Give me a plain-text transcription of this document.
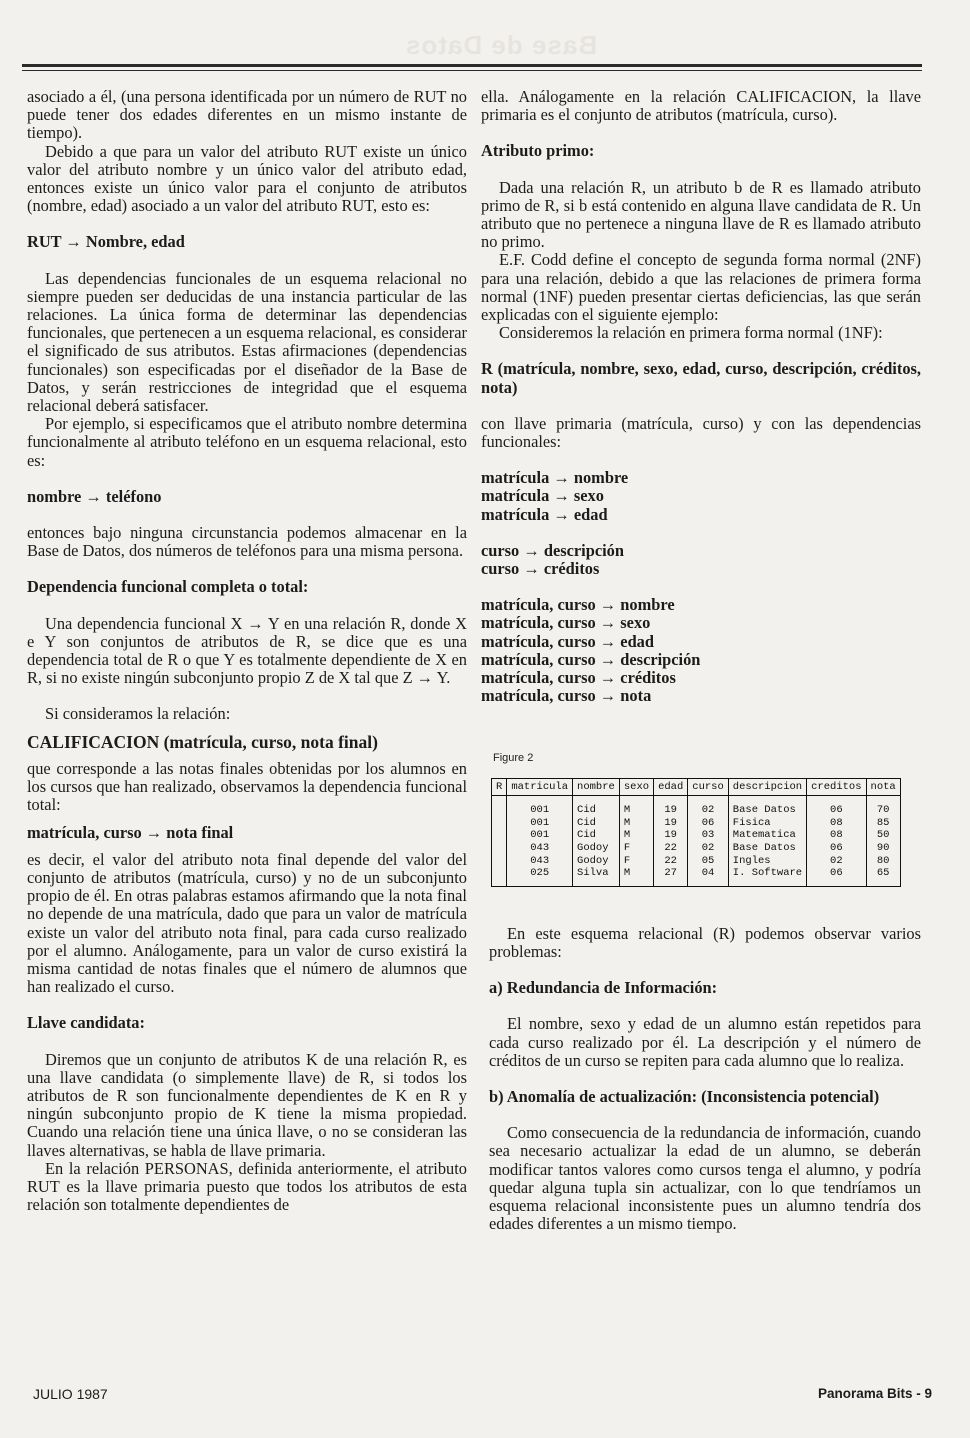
Base de Datos

asociado a él, (una persona identificada por un número de RUT no puede tener dos edades diferentes en un mismo instante de tiempo).

Debido a que para un valor del atributo RUT existe un único valor del atributo nombre y un único valor del atributo edad, entonces existe un único valor para el conjunto de atributos (nombre, edad) asociado a un valor del atributo RUT, esto es:

RUT → Nombre, edad

Las dependencias funcionales de un esquema relacional no siempre pueden ser deducidas de una instancia particular de las relaciones. La única forma de determinar las dependencias funcionales, que pertenecen a un esquema relacional, es considerar el significado de sus atributos. Estas afirmaciones (dependencias funcionales) son especificadas por el diseñador de la Base de Datos, y serán restricciones de integridad que el esquema relacional deberá satisfacer.

Por ejemplo, si especificamos que el atributo nombre determina funcionalmente al atributo teléfono en un esquema relacional, esto es:

nombre → teléfono

entonces bajo ninguna circunstancia podemos almacenar en la Base de Datos, dos números de teléfonos para una misma persona.

Dependencia funcional completa o total:

Una dependencia funcional X → Y en una relación R, donde X e Y son conjuntos de atributos de R, se dice que es una dependencia total de R o que Y es totalmente dependiente de X en R, si no existe ningún subconjunto propio Z de X tal que Z → Y.

Si consideramos la relación:

CALIFICACION (matrícula, curso, nota final)

que corresponde a las notas finales obtenidas por los alumnos en los cursos que han realizado, observamos la dependencia funcional total:

matrícula, curso → nota final

es decir, el valor del atributo nota final depende del valor del conjunto de atributos (matrícula, curso) y no de un subconjunto propio de él. En otras palabras estamos afirmando que la nota final no depende de una matrícula, dado que para un valor de matrícula existe un valor del atributo nota final, para cada curso realizado por el alumno. Análogamente, para un valor de curso existirá la misma cantidad de notas finales que el número de alumnos que han realizado el curso.

Llave candidata:

Diremos que un conjunto de atributos K de una relación R, es una llave candidata (o simplemente llave) de R, si todos los atributos de R son funcionalmente dependientes de K en R y ningún subconjunto propio de K tiene la misma propiedad. Cuando una relación tiene una única llave, o no se consideran las llaves alternativas, se habla de llave primaria.

En la relación PERSONAS, definida anteriormente, el atributo RUT es la llave primaria puesto que todos los atributos de esta relación son totalmente dependientes de

ella. Análogamente en la relación CALIFICACION, la llave primaria es el conjunto de atributos (matrícula, curso).

Atributo primo:

Dada una relación R, un atributo b de R es llamado atributo primo de R, si b está contenido en alguna llave candidata de R. Un atributo que no pertenece a ninguna llave de R es llamado atributo no primo.

E.F. Codd define el concepto de segunda forma normal (2NF) para una relación, debido a que las relaciones de primera forma normal (1NF) pueden presentar ciertas deficiencias, las que serán explicadas con el siguiente ejemplo:

Consideremos la relación en primera forma normal (1NF):

R (matrícula, nombre, sexo, edad, curso, descripción, créditos, nota)

con llave primaria (matrícula, curso) y con las dependencias funcionales:

matrícula → nombre

matrícula → sexo

matrícula → edad

curso → descripción

curso → créditos

matrícula, curso → nombre

matrícula, curso → sexo

matrícula, curso → edad

matrícula, curso → descripción

matrícula, curso → créditos

matrícula, curso → nota

Figure 2
R	matricula	nombre	sexo	edad	curso	descripcion	creditos	nota
	001	Cid	M	19	02	Base Datos	06	70
	001	Cid	M	19	06	Fisica	08	85
	001	Cid	M	19	03	Matematica	08	50
	043	Godoy	F	22	02	Base Datos	06	90
	043	Godoy	F	22	05	Ingles	02	80
	025	Silva	M	27	04	I. Software	06	65

En este esquema relacional (R) podemos observar varios problemas:

a) Redundancia de Información:

El nombre, sexo y edad de un alumno están repetidos para cada curso realizado por él. La descripción y el número de créditos de un curso se repiten para cada alumno que lo realiza.

b) Anomalía de actualización: (Inconsistencia potencial)

Como consecuencia de la redundancia de información, cuando sea necesario actualizar la edad de un alumno, se deberán modificar tantos valores como cursos tenga el alumno, y podría quedar alguna tupla sin actualizar, con lo que tendríamos un esquema relacional inconsistente pues un alumno tendría dos edades diferentes a un mismo tiempo.

JULIO 1987	Panorama Bits - 9
